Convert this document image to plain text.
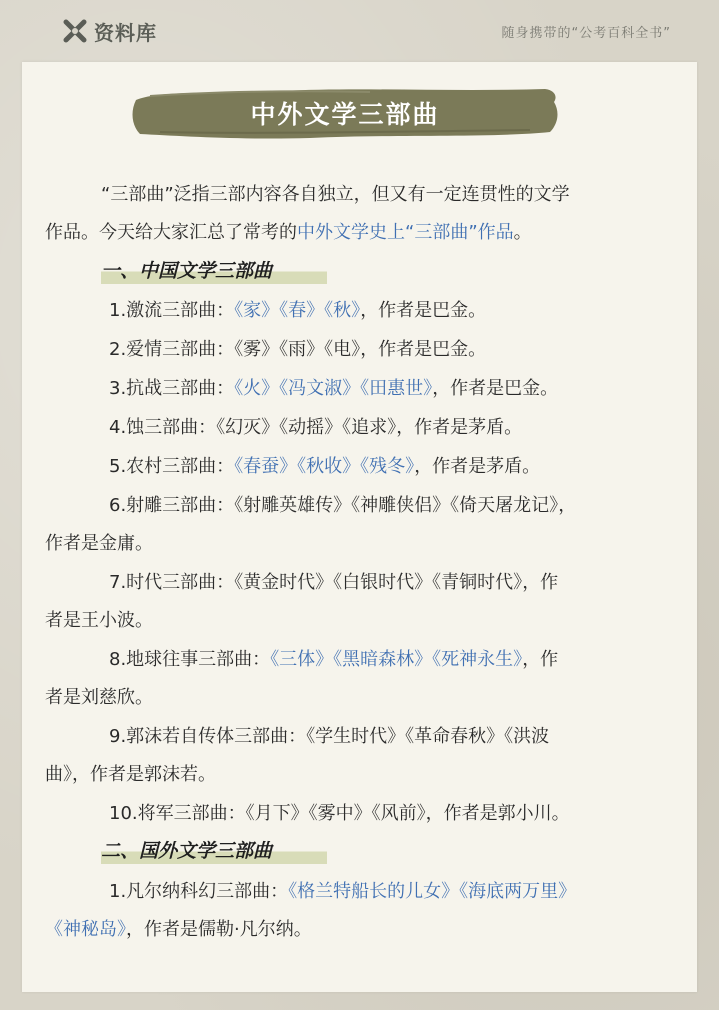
资料库	随身携带的“公考百科全书”
中外文学三部曲
“三部曲”泛指三部内容各自独立，但又有一定连贯性的文学
作品。今天给大家汇总了常考的中外文学史上“三部曲”作品。
一、中国文学三部曲
1.激流三部曲：《家》《春》《秋》，作者是巴金。
2.爱情三部曲：《雾》《雨》《电》，作者是巴金。
3.抗战三部曲：《火》《冯文淑》《田惠世》，作者是巴金。
4.蚀三部曲：《幻灭》《动摇》《追求》，作者是茅盾。
5.农村三部曲：《春蚕》《秋收》《残冬》，作者是茅盾。
6.射雕三部曲：《射雕英雄传》《神雕侠侣》《倚天屠龙记》，
作者是金庸。
7.时代三部曲：《黄金时代》《白银时代》《青铜时代》，作
者是王小波。
8.地球往事三部曲：《三体》《黑暗森林》《死神永生》，作
者是刘慈欣。
9.郭沫若自传体三部曲：《学生时代》《革命春秋》《洪波
曲》，作者是郭沫若。
10.将军三部曲：《月下》《雾中》《风前》，作者是郭小川。
二、国外文学三部曲
1.凡尔纳科幻三部曲：《格兰特船长的儿女》《海底两万里》
《神秘岛》，作者是儒勒·凡尔纳。
